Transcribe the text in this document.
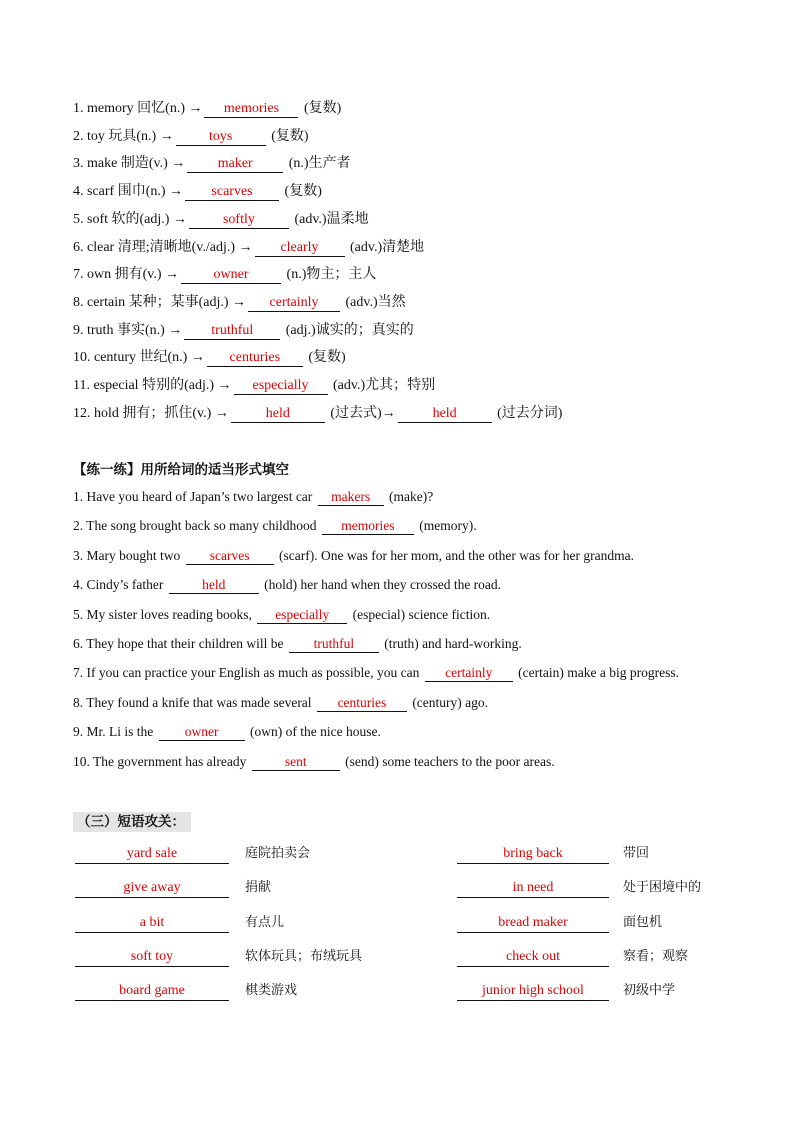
1. memory 回忆(n.) → memories (复数)
2. toy 玩具(n.) →	toys	(复数)
3. make 制造(v.) → maker (n.)生产者
4. scarf 围巾(n.) → scarves (复数)
5. soft 软的(adj.) →	softly	(adv.)温柔地
6. clear 清理;清晰地(v./adj.) → clearly (adv.)清楚地
7. own 拥有(v.) → owner (n.)物主；主人
8. certain 某种；某事(adj.) → certainly (adv.)当然
9. truth 事实(n.) → truthful (adj.)诚实的；真实的
10. century 世纪(n.) → centuries (复数)
11. especial 特别的(adj.) → especially (adv.)尤其；特别
12. hold 拥有；抓住(v.) →	held	(过去式)→	held	(过去分词)
【练一练】用所给词的适当形式填空
1. Have you heard of Japan’s two largest car makers (make)?
2. The song brought back so many childhood memories (memory).
3. Mary bought two scarves (scarf). One was for her mom, and the other was for her grandma.
4. Cindy’s father	held	(hold) her hand when they crossed the road.
5. My sister loves reading books, especially (especial) science fiction.
6. They hope that their children will be truthful (truth) and hard-working.
7. If you can practice your English as much as possible, you can certainly (certain) make a big progress.
8. They found a knife that was made several centuries (century) ago.
9. Mr. Li is the owner (own) of the nice house.
10. The government has already	sent	(send) some teachers to the poor areas.
（三）短语攻关：
yard sale	庭院拍卖会	bring back	带回
give away	捐献	in need	处于困境中的
a bit	有点儿	bread maker	面包机
soft toy	软体玩具；布绒玩具	check out	察看；观察
board game	棋类游戏	junior high school	初级中学
